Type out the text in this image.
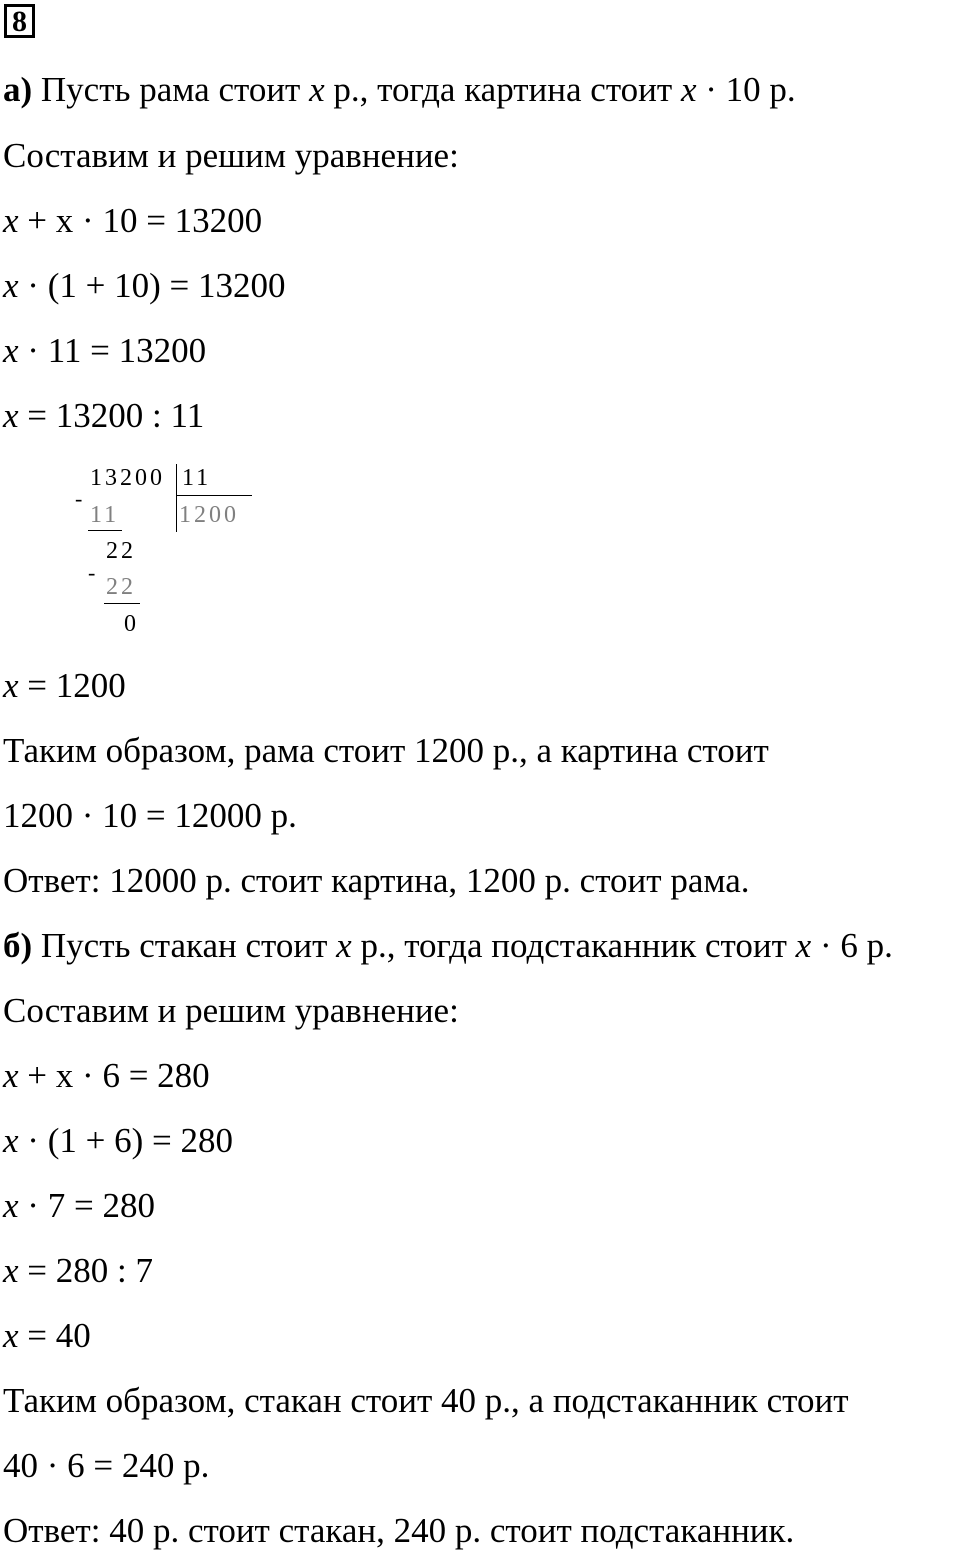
8
а) Пусть рама стоит x р., тогда картина стоит x · 10 р.
Составим и решим уравнение:
x + x · 10 = 13200
x · (1 + 10) = 13200
x · 11 = 13200
x = 13200 : 11
-
13200 11
11 1200
22
-
22
0
x = 1200
Таким образом, рама стоит 1200 р., а картина стоит
1200 · 10 = 12000 р.
Ответ: 12000 р. стоит картина, 1200 р. стоит рама.
б) Пусть стакан стоит x р., тогда подстаканник стоит x · 6 р.
Составим и решим уравнение:
x + x · 6 = 280
x · (1 + 6) = 280
x · 7 = 280
x = 280 : 7
x = 40
Таким образом, стакан стоит 40 р., а подстаканник стоит
40 · 6 = 240 р.
Ответ: 40 р. стоит стакан, 240 р. стоит подстаканник.
